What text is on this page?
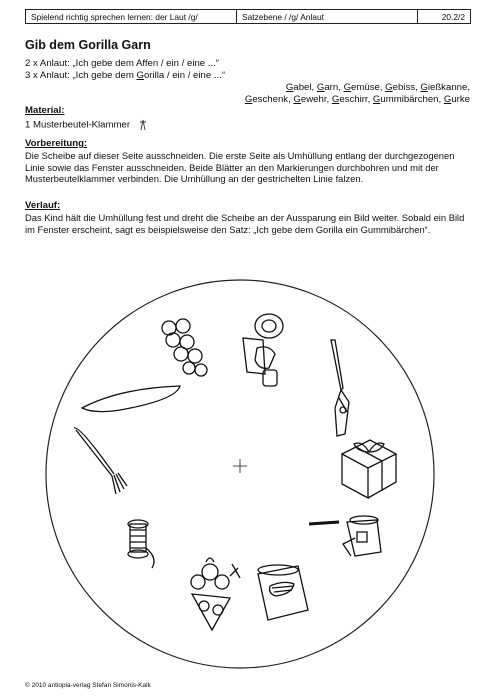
Spielend richtig sprechen lernen: der Laut /g/	Satzebene / /g/ Anlaut	20.2/2
Gib dem Gorilla Garn
2 x Anlaut: „Ich gebe dem Affen / ein / eine ...“
3 x Anlaut: „Ich gebe dem Gorilla / ein / eine ...“
Gabel, Garn, Gemüse, Gebiss, Gießkanne,
Geschenk, Gewehr, Geschirr, Gummibärchen, Gurke
Material:
1 Musterbeutel-Klammer
Vorbereitung:
Die Scheibe auf dieser Seite ausschneiden. Die erste Seite als Umhüllung entlang der durchgezogenen Linie sowie das Fenster ausschneiden. Beide Blätter an den Markierungen durchbohren und mit der Musterbeutelklammer verbinden. Die Umhüllung an der gestrichelten Linie falzen.
Verlauf:
Das Kind hält die Umhüllung fest und dreht die Scheibe an der Aussparung ein Bild weiter. Sobald ein Bild im Fenster erscheint, sagt es beispielsweise den Satz: „Ich gebe dem Gorilla ein Gummibärchen“.
© 2010 antiopia-verlag Stefan Simonis-Kalk
